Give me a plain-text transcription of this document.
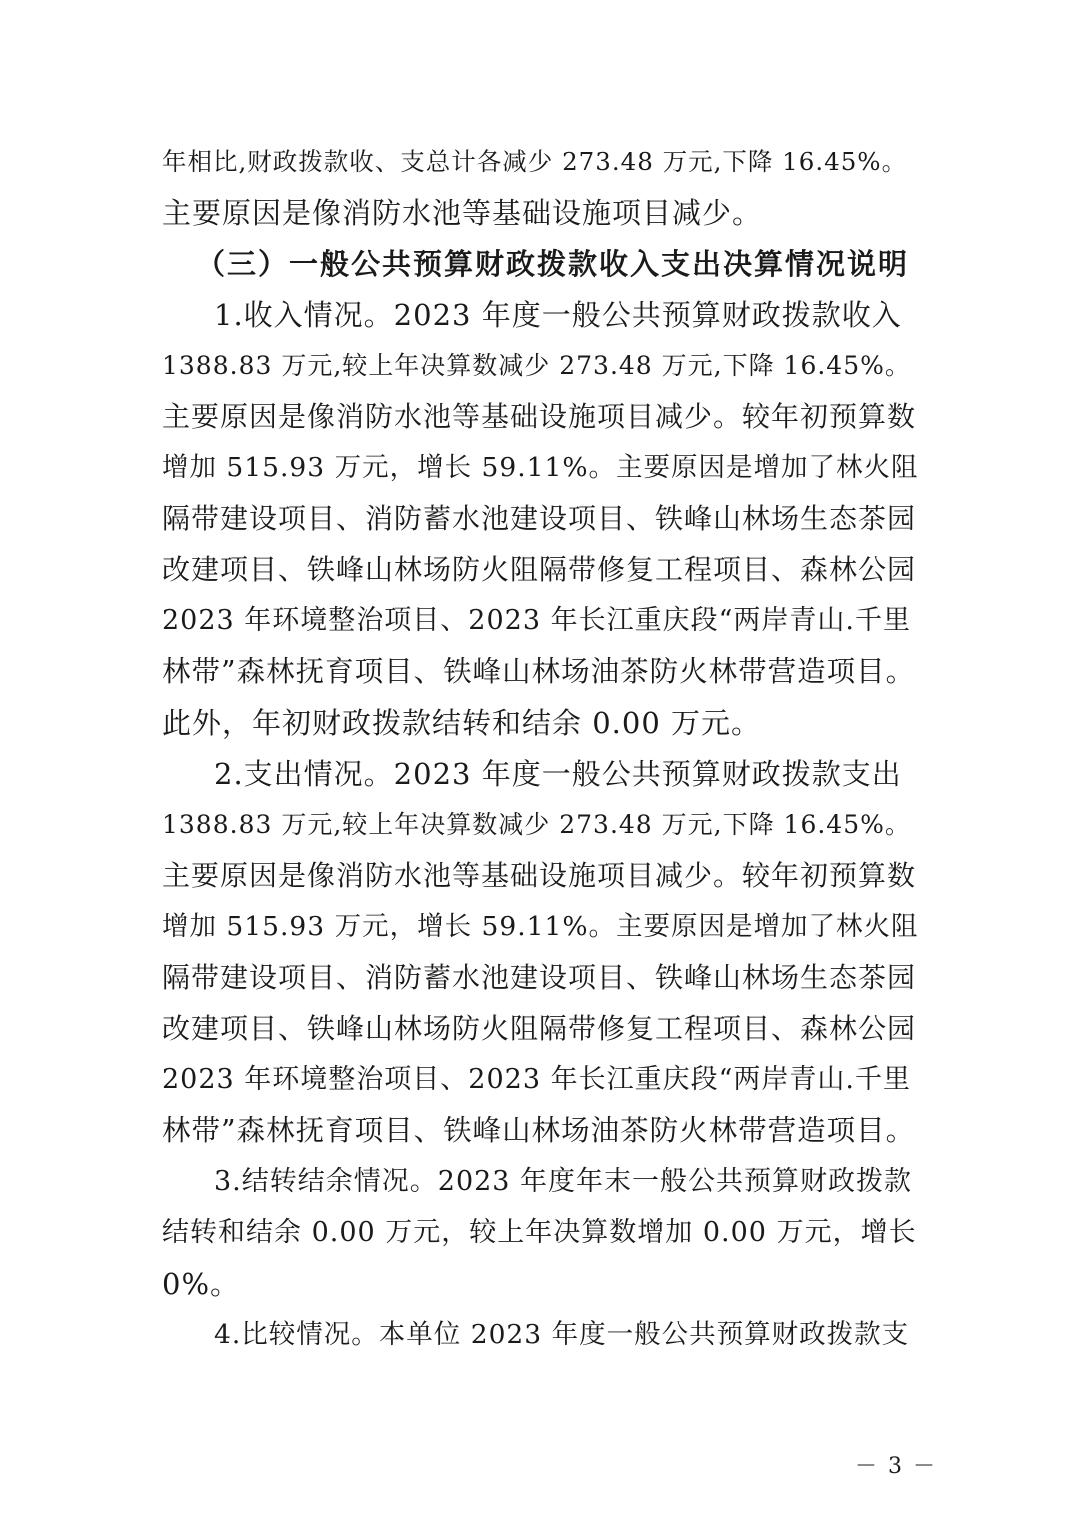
年相比,财政拨款收、支总计各减少 273.48 万元,下降 16.45%。
主要原因是像消防水池等基础设施项目减少。
（三）一般公共预算财政拨款收入支出决算情况说明
1.收入情况。2023 年度一般公共预算财政拨款收入
1388.83 万元,较上年决算数减少 273.48 万元,下降 16.45%。
主要原因是像消防水池等基础设施项目减少。较年初预算数
增加 515.93 万元，增长 59.11%。主要原因是增加了林火阻
隔带建设项目、消防蓄水池建设项目、铁峰山林场生态茶园
改建项目、铁峰山林场防火阻隔带修复工程项目、森林公园
2023 年环境整治项目、2023 年长江重庆段“两岸青山.千里
林带”森林抚育项目、铁峰山林场油茶防火林带营造项目。
此外，年初财政拨款结转和结余 0.00 万元。
2.支出情况。2023 年度一般公共预算财政拨款支出
1388.83 万元,较上年决算数减少 273.48 万元,下降 16.45%。
主要原因是像消防水池等基础设施项目减少。较年初预算数
增加 515.93 万元，增长 59.11%。主要原因是增加了林火阻
隔带建设项目、消防蓄水池建设项目、铁峰山林场生态茶园
改建项目、铁峰山林场防火阻隔带修复工程项目、森林公园
2023 年环境整治项目、2023 年长江重庆段“两岸青山.千里
林带”森林抚育项目、铁峰山林场油茶防火林带营造项目。
3.结转结余情况。2023 年度年末一般公共预算财政拨款
结转和结余 0.00 万元，较上年决算数增加 0.00 万元，增长
0%。
4.比较情况。本单位 2023 年度一般公共预算财政拨款支
－ 3 －
